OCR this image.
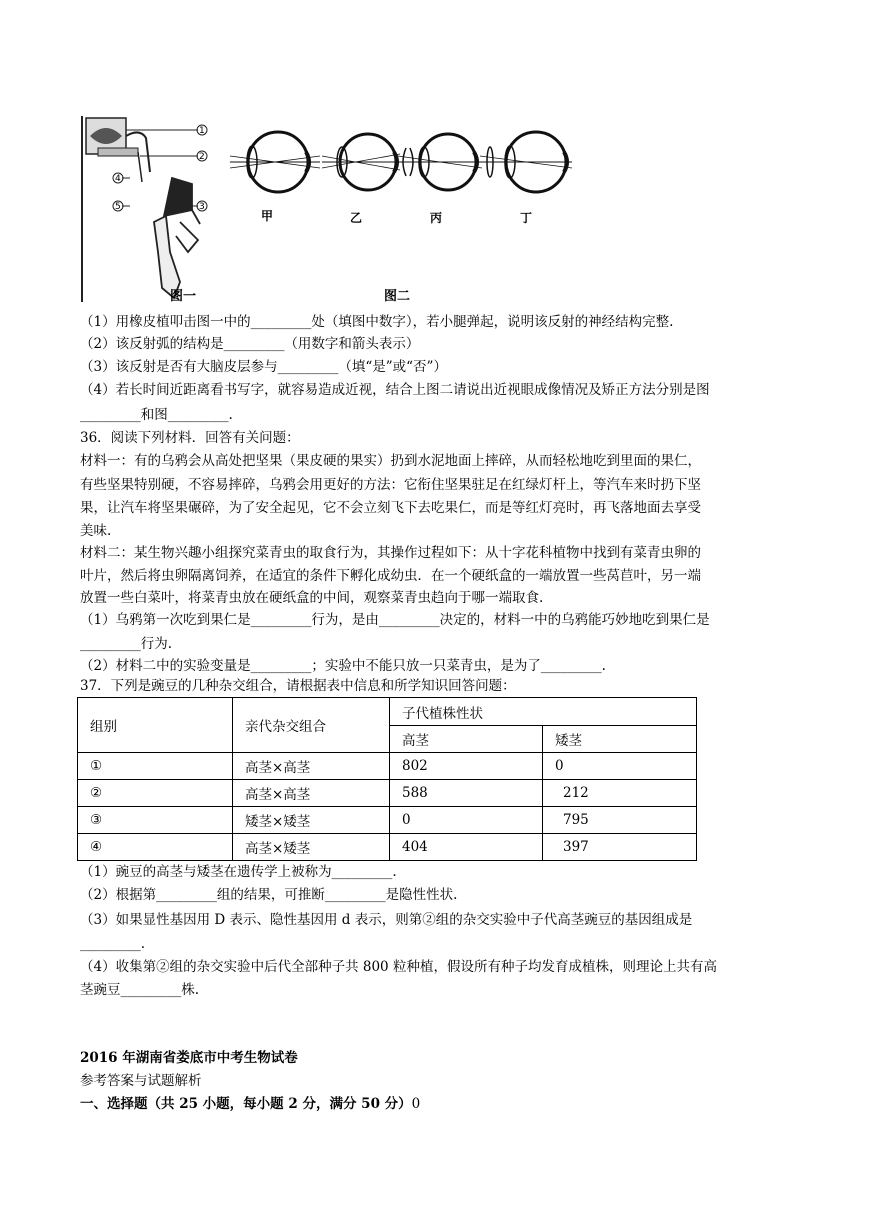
1
2
4
5	3
图一
甲	乙	丙	丁
图二
（1）用橡皮植叩击图一中的_________处（填图中数字），若小腿弹起，说明该反射的神经结构完整.
（2）该反射弧的结构是_________（用数字和箭头表示）
（3）该反射是否有大脑皮层参与_________（填“是”或“否”）
（4）若长时间近距离看书写字，就容易造成近视，结合上图二请说出近视眼成像情况及矫正方法分别是图
_________和图_________.
36．阅读下列材料．回答有关问题：
材料一：有的乌鸦会从高处把坚果（果皮硬的果实）扔到水泥地面上摔碎，从而轻松地吃到里面的果仁，
有些坚果特别硬，不容易摔碎，乌鸦会用更好的方法：它衔住坚果驻足在红绿灯杆上，等汽车来时扔下坚
果，让汽车将坚果碾碎，为了安全起见，它不会立刻飞下去吃果仁，而是等红灯亮时，再飞落地面去享受
美味.
材料二：某生物兴趣小组探究菜青虫的取食行为，其操作过程如下：从十字花科植物中找到有菜青虫卵的
叶片，然后将虫卵隔离饲养，在适宜的条件下孵化成幼虫．在一个硬纸盒的一端放置一些莴苣叶，另一端
放置一些白菜叶，将菜青虫放在硬纸盒的中间，观察菜青虫趋向于哪一端取食.
（1）乌鸦第一次吃到果仁是_________行为，是由_________决定的，材料一中的乌鸦能巧妙地吃到果仁是
_________行为.
（2）材料二中的实验变量是_________；实验中不能只放一只菜青虫，是为了_________.
37．下列是豌豆的几种杂交组合，请根据表中信息和所学知识回答问题：
组别	亲代杂交组合	子代植株性状	
		高茎	矮茎
①	高茎×高茎	802	0
②	高茎×高茎	588	212
③	矮茎×矮茎	0	795
④	高茎×矮茎	404	397
（1）豌豆的高茎与矮茎在遗传学上被称为_________.
（2）根据第_________组的结果，可推断_________是隐性性状.
（3）如果显性基因用 D 表示、隐性基因用 d 表示，则第②组的杂交实验中子代高茎豌豆的基因组成是
_________.
（4）收集第②组的杂交实验中后代全部种子共 800 粒种植，假设所有种子均发育成植株，则理论上共有高
茎豌豆_________株.
2016 年湖南省娄底市中考生物试卷
参考答案与试题解析
一、选择题（共 25 小题，每小题 2 分，满分 50 分）0
